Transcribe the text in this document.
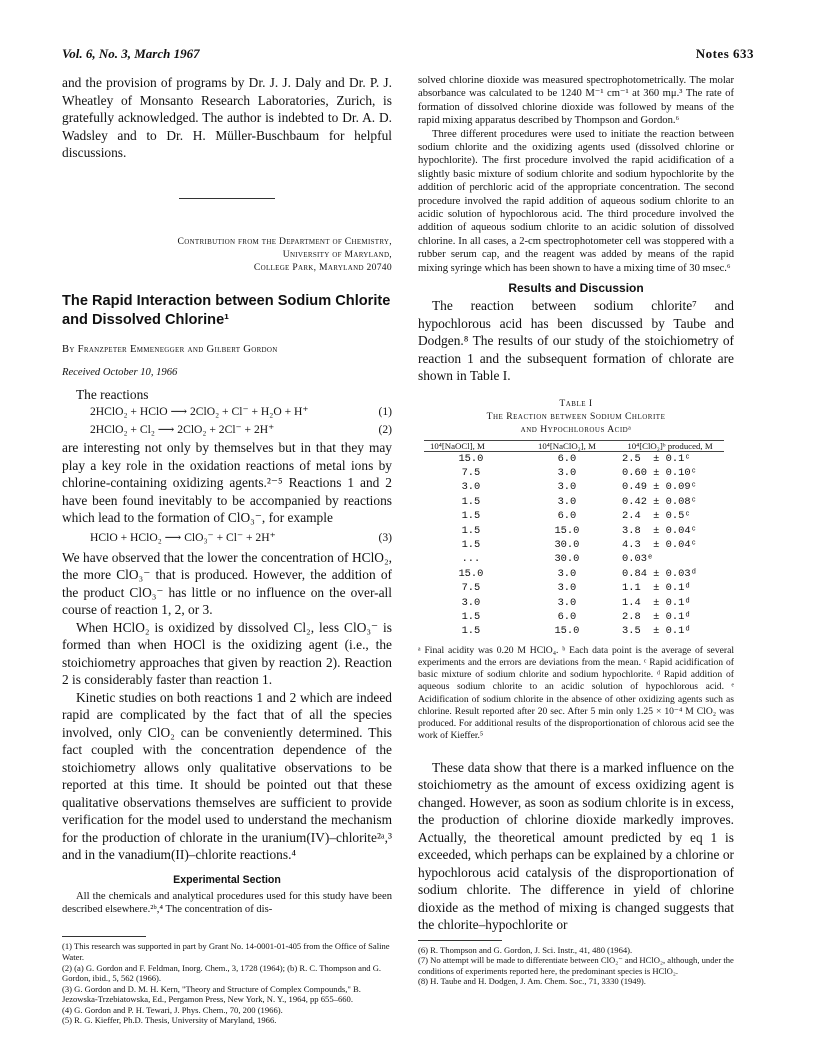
Vol. 6, No. 3, March 1967	Notes 633

and the provision of programs by Dr. J. J. Daly and Dr. P. J. Wheatley of Monsanto Research Laboratories, Zurich, is gratefully acknowledged. The author is indebted to Dr. A. D. Wadsley and to Dr. H. Müller-Buschbaum for helpful discussions.

Contribution from the Department of Chemistry,
University of Maryland,
College Park, Maryland 20740
The Rapid Interaction between Sodium Chlorite and Dissolved Chlorine¹
By Franzpeter Emmenegger and Gilbert Gordon
Received October 10, 1966

The reactions

2HClO₂ + HClO ⟶ 2ClO₂ + Cl⁻ + H₂O + H⁺	(1)
2HClO₂ + Cl₂ ⟶ 2ClO₂ + 2Cl⁻ + 2H⁺	(2)

are interesting not only by themselves but in that they may play a key role in the oxidation reactions of metal ions by chlorine-containing oxidizing agents.²⁻⁵ Reactions 1 and 2 have been found inevitably to be accompanied by reactions which lead to the formation of ClO₃⁻, for example

HClO + HClO₂ ⟶ ClO₃⁻ + Cl⁻ + 2H⁺	(3)

We have observed that the lower the concentration of HClO₂, the more ClO₃⁻ that is produced. However, the addition of the product ClO₃⁻ has little or no influence on the over-all course of reaction 1, 2, or 3.

When HClO₂ is oxidized by dissolved Cl₂, less ClO₃⁻ is formed than when HOCl is the oxidizing agent (i.e., the stoichiometry approaches that given by reaction 2). Reaction 2 is considerably faster than reaction 1.

Kinetic studies on both reactions 1 and 2 which are indeed rapid are complicated by the fact that of all the species involved, only ClO₂ can be conveniently determined. This fact coupled with the concentration dependence of the stoichiometry allows only qualitative observations to be reported at this time. It should be pointed out that these qualitative observations themselves are sufficient to provide verification for the model used to understand the mechanism for the production of chlorate in the uranium(IV)–chlorite²ᵃ,³ and in the vanadium(II)–chlorite reactions.⁴

Experimental Section

All the chemicals and analytical procedures used for this study have been described elsewhere.²ᵇ,⁴ The concentration of dis-

(1) This research was supported in part by Grant No. 14-0001-01-405 from the Office of Saline Water.

(2) (a) G. Gordon and F. Feldman, Inorg. Chem., 3, 1728 (1964); (b) R. C. Thompson and G. Gordon, ibid., 5, 562 (1966).

(3) G. Gordon and D. M. H. Kern, "Theory and Structure of Complex Compounds," B. Jezowska-Trzebiatowska, Ed., Pergamon Press, New York, N. Y., 1964, pp 655–660.

(4) G. Gordon and P. H. Tewari, J. Phys. Chem., 70, 200 (1966).

(5) R. G. Kieffer, Ph.D. Thesis, University of Maryland, 1966.

solved chlorine dioxide was measured spectrophotometrically. The molar absorbance was calculated to be 1240 M⁻¹ cm⁻¹ at 360 mμ.³ The rate of formation of dissolved chlorine dioxide was followed by means of the rapid mixing apparatus described by Thompson and Gordon.⁶

Three different procedures were used to initiate the reaction between sodium chlorite and the oxidizing agents used (dissolved chlorine or hypochlorite). The first procedure involved the rapid acidification of a slightly basic mixture of sodium chlorite and sodium hypochlorite by the addition of perchloric acid of the appropriate concentration. The second procedure involved the rapid addition of aqueous sodium chlorite to an acidic solution of hypochlorous acid. The third procedure involved the addition of aqueous sodium chlorite to an acidic solution of dissolved chlorine. In all cases, a 2-cm spectrophotometer cell was stoppered with a rubber serum cap, and the reagent was added by means of the rapid mixing syringe which has been shown to have a mixing time of 30 msec.⁶

Results and Discussion

The reaction between sodium chlorite⁷ and hypochlorous acid has been discussed by Taube and Dodgen.⁸ The results of our study of the stoichiometry of reaction 1 and the subsequent formation of chlorate are shown in Table I.

Table I
The Reaction between Sodium Chlorite
and Hypochlorous Acidᵃ
10⁴[NaOCl], M	10⁴[NaClO₂], M	10⁴[ClO₂]ᵇ produced, M
15.0	6.0	2.5  ± 0.1ᶜ
7.5	3.0	0.60 ± 0.10ᶜ
3.0	3.0	0.49 ± 0.09ᶜ
1.5	3.0	0.42 ± 0.08ᶜ
1.5	6.0	2.4  ± 0.5ᶜ
1.5	15.0	3.8  ± 0.04ᶜ
1.5	30.0	4.3  ± 0.04ᶜ
...	30.0	0.03ᵉ
15.0	3.0	0.84 ± 0.03ᵈ
7.5	3.0	1.1  ± 0.1ᵈ
3.0	3.0	1.4  ± 0.1ᵈ
1.5	6.0	2.8  ± 0.1ᵈ
1.5	15.0	3.5  ± 0.1ᵈ

ᵃ Final acidity was 0.20 M HClO₄. ᵇ Each data point is the average of several experiments and the errors are deviations from the mean. ᶜ Rapid acidification of basic mixture of sodium chlorite and sodium hypochlorite. ᵈ Rapid addition of aqueous sodium chlorite to an acidic solution of hypochlorous acid. ᵉ Acidification of sodium chlorite in the absence of other oxidizing agents such as chlorine. Result reported after 20 sec. After 5 min only 1.25 × 10⁻⁴ M ClO₂ was produced. For additional results of the disproportionation of chlorous acid see the work of Kieffer.⁵

These data show that there is a marked influence on the stoichiometry as the amount of excess oxidizing agent is changed. However, as soon as sodium chlorite is in excess, the production of chlorine dioxide markedly improves. Actually, the theoretical amount predicted by eq 1 is exceeded, which perhaps can be explained by a chlorine or hypochlorous acid catalysis of the disproportionation of sodium chlorite. The difference in yield of chlorine dioxide as the method of mixing is changed suggests that the chlorite–hypochlorite or

(6) R. Thompson and G. Gordon, J. Sci. Instr., 41, 480 (1964).

(7) No attempt will be made to differentiate between ClO₂⁻ and HClO₂, although, under the conditions of experiments reported here, the predominant species is HClO₂.

(8) H. Taube and H. Dodgen, J. Am. Chem. Soc., 71, 3330 (1949).
